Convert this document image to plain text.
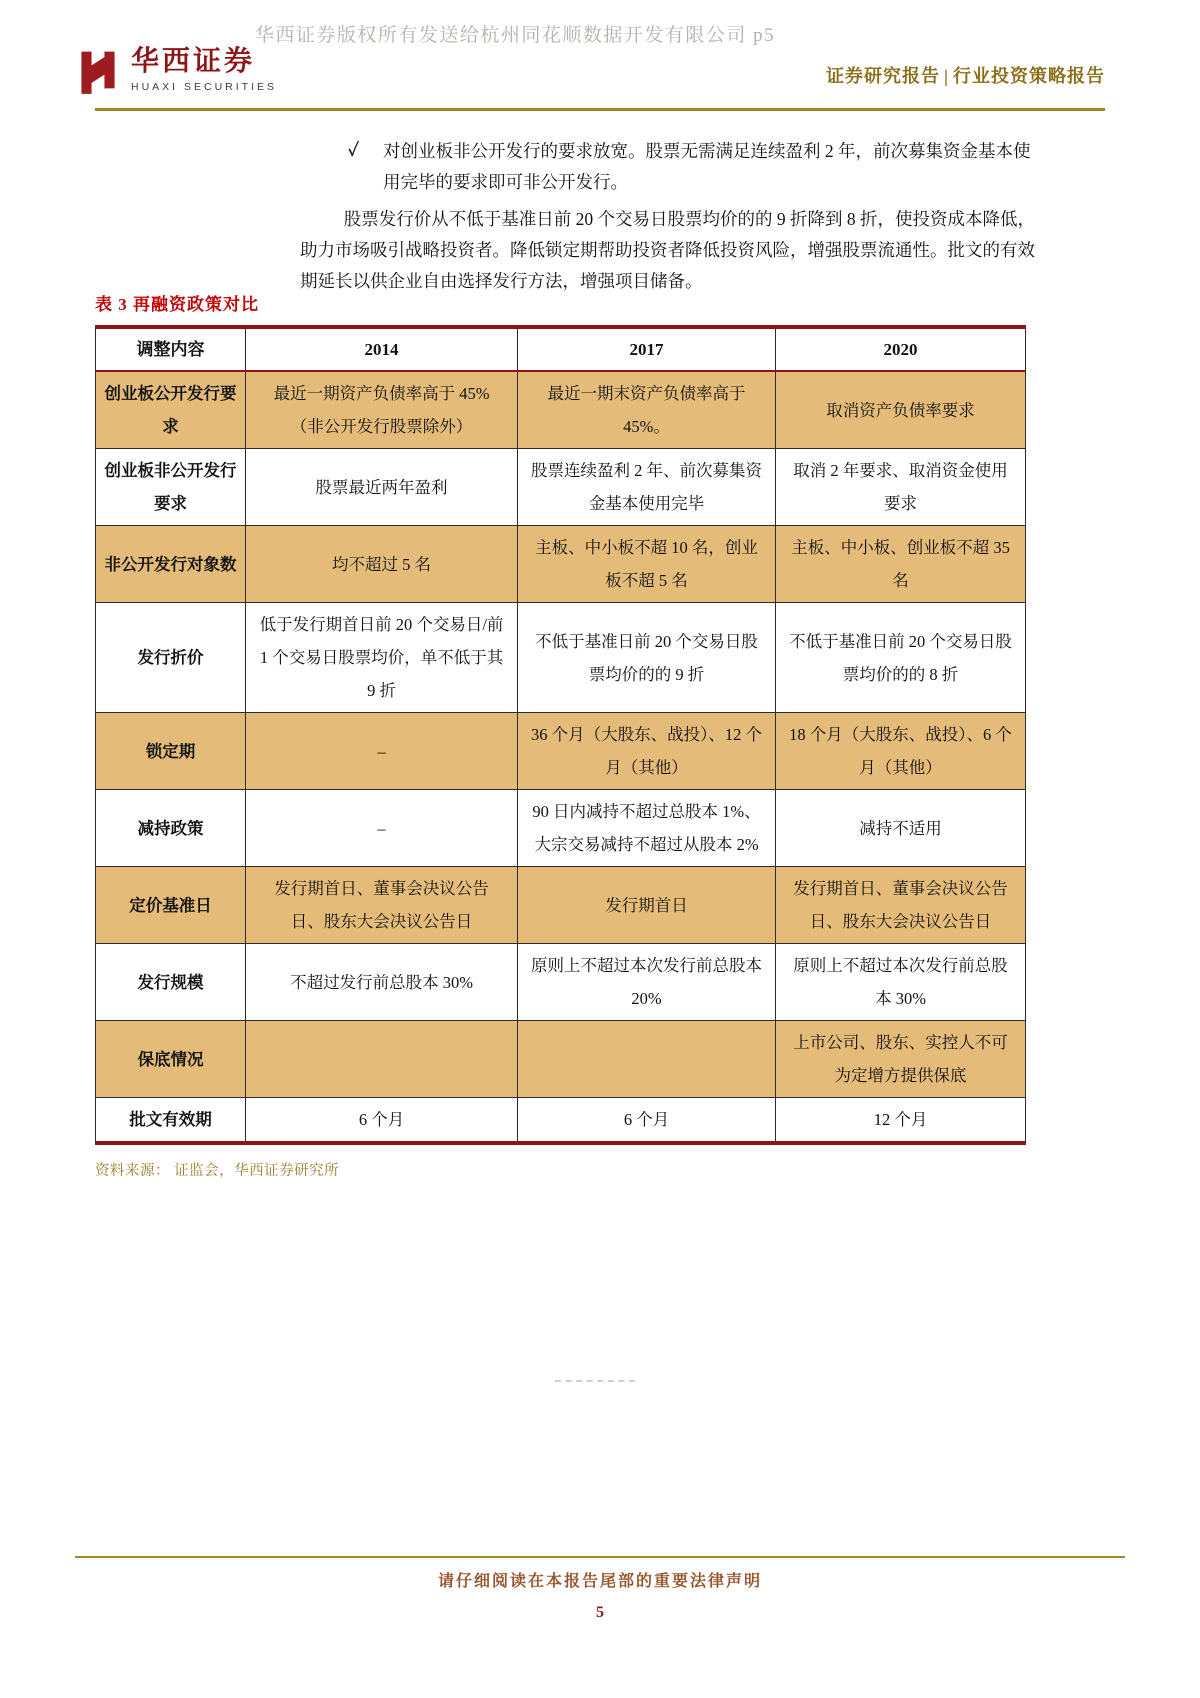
华西证券版权所有发送给杭州同花顺数据开发有限公司 p5
华西证券
HUAXI SECURITIES
证券研究报告 | 行业投资策略报告
✓ 对创业板非公开发行的要求放宽。股票无需满足连续盈利 2 年，前次募集资金基本使用完毕的要求即可非公开发行。

股票发行价从不低于基准日前 20 个交易日股票均价的的 9 折降到 8 折，使投资成本降低，助力市场吸引战略投资者。降低锁定期帮助投资者降低投资风险，增强股票流通性。批文的有效期延长以供企业自由选择发行方法，增强项目储备。

表 3 再融资政策对比
调整内容	2014	2017	2020
创业板公开发行要求	最近一期资产负债率高于 45%（非公开发行股票除外）	最近一期末资产负债率高于 45%。	取消资产负债率要求
创业板非公开发行要求	股票最近两年盈利	股票连续盈利 2 年、前次募集资金基本使用完毕	取消 2 年要求、取消资金使用要求
非公开发行对象数	均不超过 5 名	主板、中小板不超 10 名，创业板不超 5 名	主板、中小板、创业板不超 35 名
发行折价	低于发行期首日前 20 个交易日/前 1 个交易日股票均价，单不低于其 9 折	不低于基准日前 20 个交易日股票均价的的 9 折	不低于基准日前 20 个交易日股票均价的的 8 折
锁定期	–	36 个月（大股东、战投）、12 个月（其他）	18 个月（大股东、战投）、6 个月（其他）
减持政策	–	90 日内减持不超过总股本 1%、大宗交易减持不超过从股本 2%	减持不适用
定价基准日	发行期首日、董事会决议公告日、股东大会决议公告日	发行期首日	发行期首日、董事会决议公告日、股东大会决议公告日
发行规模	不超过发行前总股本 30%	原则上不超过本次发行前总股本 20%	原则上不超过本次发行前总股本 30%
保底情况			上市公司、股东、实控人不可为定增方提供保底
批文有效期	6 个月	6 个月	12 个月
资料来源： 证监会，华西证券研究所
请仔细阅读在本报告尾部的重要法律声明
5
